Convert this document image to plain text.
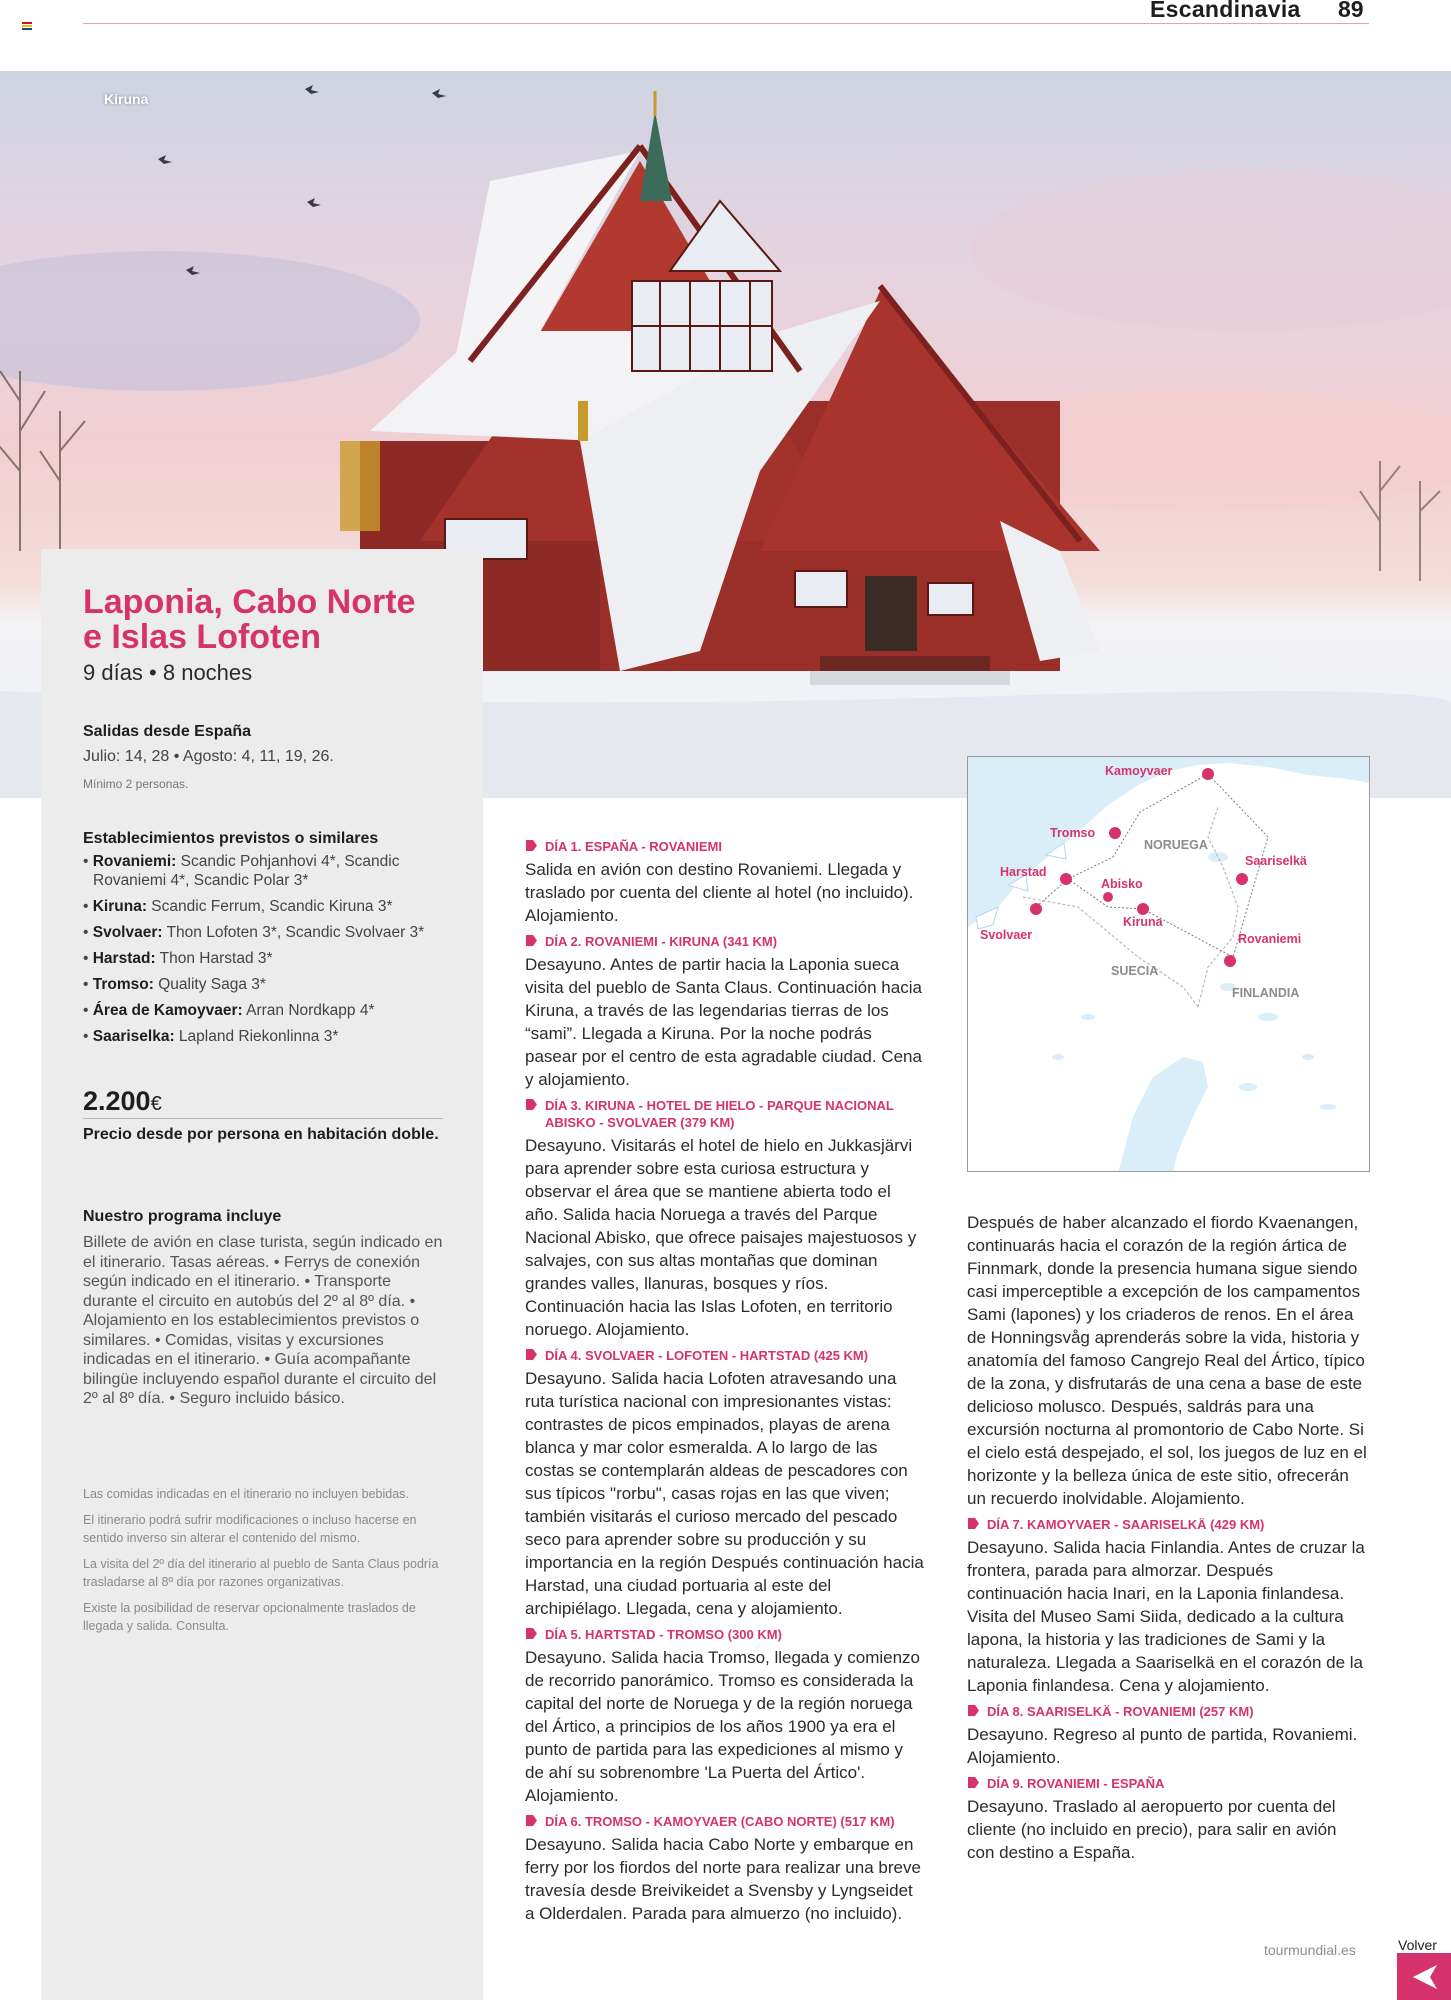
Escandinavia 89
Kiruna
Laponia, Cabo Norte
e Islas Lofoten
9 días • 8 noches
Salidas desde España
Julio: 14, 28 • Agosto: 4, 11, 19, 26.
Mínimo 2 personas.
Establecimientos previstos o similares
• Rovaniemi: Scandic Pohjanhovi 4*, Scandic Rovaniemi 4*, Scandic Polar 3*
• Kiruna: Scandic Ferrum, Scandic Kiruna 3*
• Svolvaer: Thon Lofoten 3*, Scandic Svolvaer 3*
• Harstad: Thon Harstad 3*
• Tromso: Quality Saga 3*
• Área de Kamoyvaer: Arran Nordkapp 4*
• Saariselka: Lapland Riekonlinna 3*
2.200€
Precio desde por persona en habitación doble.
Nuestro programa incluye
Billete de avión en clase turista, según indicado en el itinerario. Tasas aéreas. • Ferrys de conexión según indicado en el itinerario. • Transporte durante el circuito en autobús del 2º al 8º día. • Alojamiento en los establecimientos previstos o similares. • Comidas, visitas y excursiones indicadas en el itinerario. • Guía acompañante bilingüe incluyendo español durante el circuito del 2º al 8º día. • Seguro incluido básico.

Las comidas indicadas en el itinerario no incluyen bebidas.

El itinerario podrá sufrir modificaciones o incluso hacerse en sentido inverso sin alterar el contenido del mismo.

La visita del 2º día del itinerario al pueblo de Santa Claus podría trasladarse al 8º día por razones organizativas.

Existe la posibilidad de reservar opcionalmente traslados de llegada y salida. Consulta.

Kamoyvaer
Tromso
Harstad
Abisko
Kiruna
Svolvaer
Saariselkä
Rovaniemi
NORUEGA
SUECIA
FINLANDIA
DÍA 1. ESPAÑA - ROVANIEMI
Salida en avión con destino Rovaniemi. Llegada y traslado por cuenta del cliente al hotel (no incluido). Alojamiento.
DÍA 2. ROVANIEMI - KIRUNA (341 KM)
Desayuno. Antes de partir hacia la Laponia sueca visita del pueblo de Santa Claus. Continuación hacia Kiruna, a través de las legendarias tierras de los “sami”. Llegada a Kiruna. Por la noche podrás pasear por el centro de esta agradable ciudad. Cena y alojamiento.
DÍA 3. KIRUNA - HOTEL DE HIELO - PARQUE NACIONAL ABISKO - SVOLVAER (379 KM)
Desayuno. Visitarás el hotel de hielo en Jukkasjärvi para aprender sobre esta curiosa estructura y observar el área que se mantiene abierta todo el año. Salida hacia Noruega a través del Parque Nacional Abisko, que ofrece paisajes majestuosos y salvajes, con sus altas montañas que dominan grandes valles, llanuras, bosques y ríos. Continuación hacia las Islas Lofoten, en territorio noruego. Alojamiento.
DÍA 4. SVOLVAER - LOFOTEN - HARTSTAD (425 KM)
Desayuno. Salida hacia Lofoten atravesando una ruta turística nacional con impresionantes vistas: contrastes de picos empinados, playas de arena blanca y mar color esmeralda. A lo largo de las costas se contemplarán aldeas de pescadores con sus típicos "rorbu", casas rojas en las que viven; también visitarás el curioso mercado del pescado seco para aprender sobre su producción y su importancia en la región Después continuación hacia Harstad, una ciudad portuaria al este del archipiélago. Llegada, cena y alojamiento.
DÍA 5. HARTSTAD - TROMSO (300 KM)
Desayuno. Salida hacia Tromso, llegada y comienzo de recorrido panorámico. Tromso es considerada la capital del norte de Noruega y de la región noruega del Ártico, a principios de los años 1900 ya era el punto de partida para las expediciones al mismo y de ahí su sobrenombre 'La Puerta del Ártico'. Alojamiento.
DÍA 6. TROMSO - KAMOYVAER (CABO NORTE) (517 KM)
Desayuno. Salida hacia Cabo Norte y embarque en ferry por los fiordos del norte para realizar una breve travesía desde Breivikeidet a Svensby y Lyngseidet a Olderdalen. Parada para almuerzo (no incluido).
Después de haber alcanzado el fiordo Kvaenangen, continuarás hacia el corazón de la región ártica de Finnmark, donde la presencia humana sigue siendo casi imperceptible a excepción de los campamentos Sami (lapones) y los criaderos de renos. En el área de Honningsvåg aprenderás sobre la vida, historia y anatomía del famoso Cangrejo Real del Ártico, típico de la zona, y disfrutarás de una cena a base de este delicioso molusco. Después, saldrás para una excursión nocturna al promontorio de Cabo Norte. Si el cielo está despejado, el sol, los juegos de luz en el horizonte y la belleza única de este sitio, ofrecerán un recuerdo inolvidable. Alojamiento.
DÍA 7. KAMOYVAER - SAARISELKÄ (429 KM)
Desayuno. Salida hacia Finlandia. Antes de cruzar la frontera, parada para almorzar. Después continuación hacia Inari, en la Laponia finlandesa. Visita del Museo Sami Siida, dedicado a la cultura lapona, la historia y las tradiciones de Sami y la naturaleza. Llegada a Saariselkä en el corazón de la Laponia finlandesa. Cena y alojamiento.
DÍA 8. SAARISELKÄ - ROVANIEMI (257 KM)
Desayuno. Regreso al punto de partida, Rovaniemi. Alojamiento.
DÍA 9. ROVANIEMI - ESPAÑA
Desayuno. Traslado al aeropuerto por cuenta del cliente (no incluido en precio), para salir en avión con destino a España.
tourmundial.es	Volver
